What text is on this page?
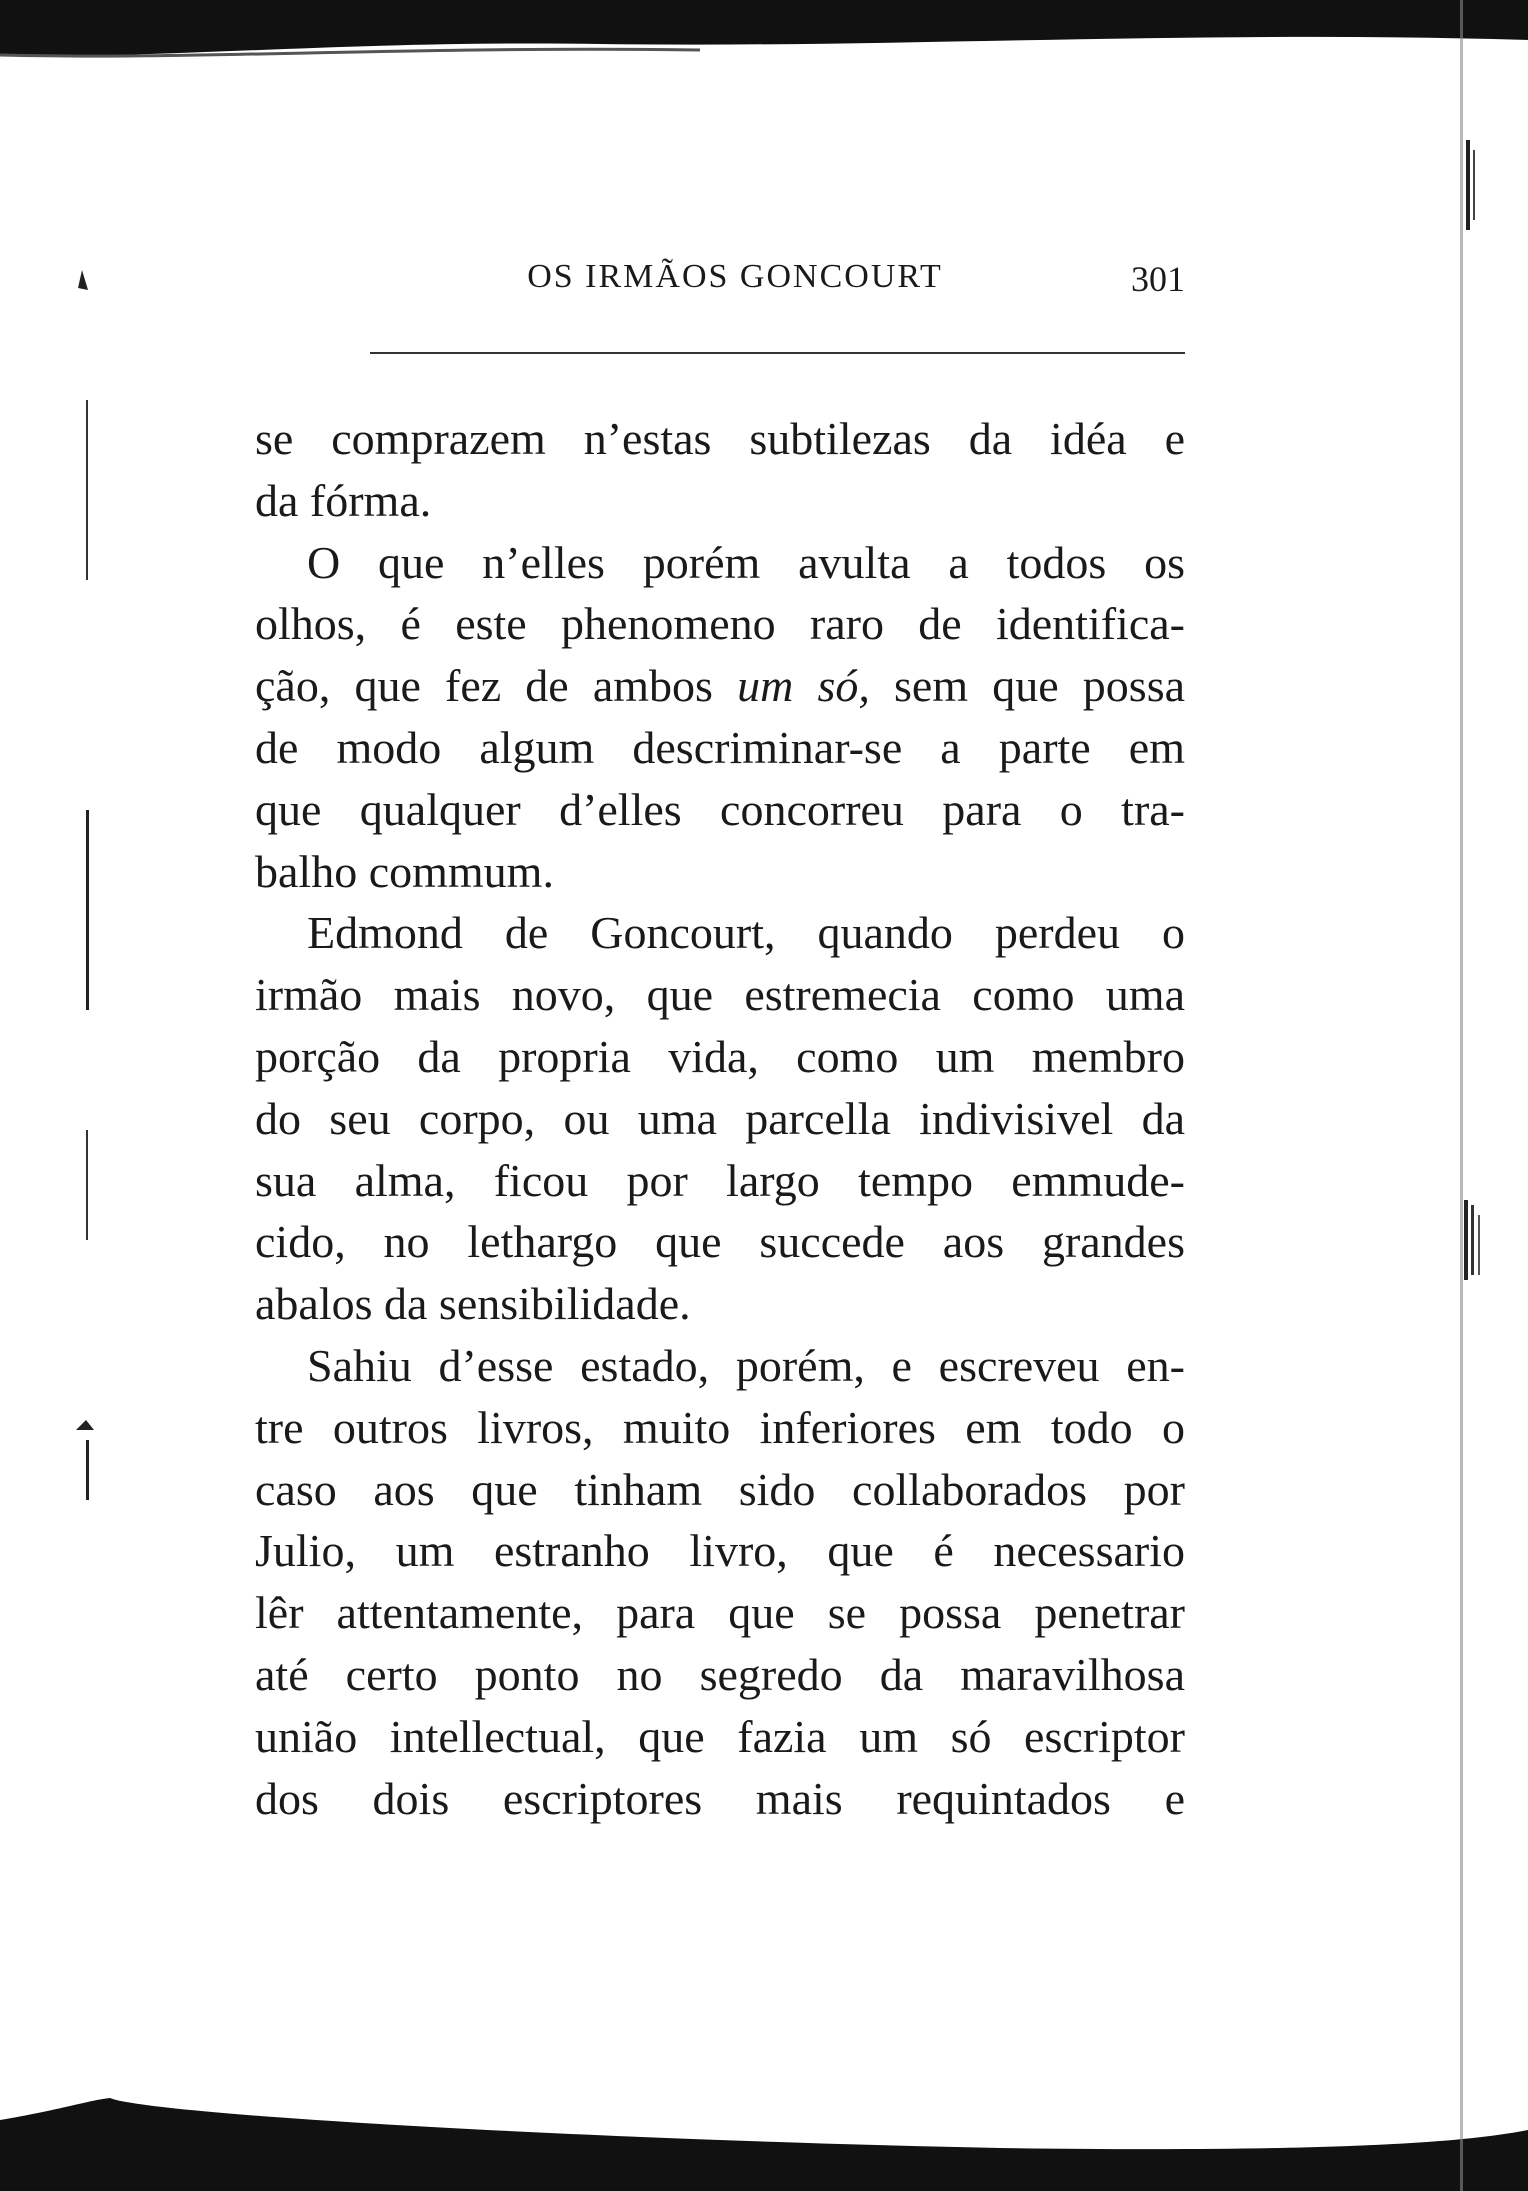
OS IRMÃOS GONCOURT	301
se comprazem n’estas subtilezas da idéa e
da fórma.
O que n’elles porém avulta a todos os
olhos, é este phenomeno raro de identifica-
ção, que fez de ambos um só, sem que possa
de modo algum descriminar-se a parte em
que qualquer d’elles concorreu para o tra-
balho commum.
Edmond de Goncourt, quando perdeu o
irmão mais novo, que estremecia como uma
porção da propria vida, como um membro
do seu corpo, ou uma parcella indivisivel da
sua alma, ficou por largo tempo emmude-
cido, no lethargo que succede aos grandes
abalos da sensibilidade.
Sahiu d’esse estado, porém, e escreveu en-
tre outros livros, muito inferiores em todo o
caso aos que tinham sido collaborados por
Julio, um estranho livro, que é necessario
lêr attentamente, para que se possa penetrar
até certo ponto no segredo da maravilhosa
união intellectual, que fazia um só escriptor
dos dois escriptores mais requintados e
